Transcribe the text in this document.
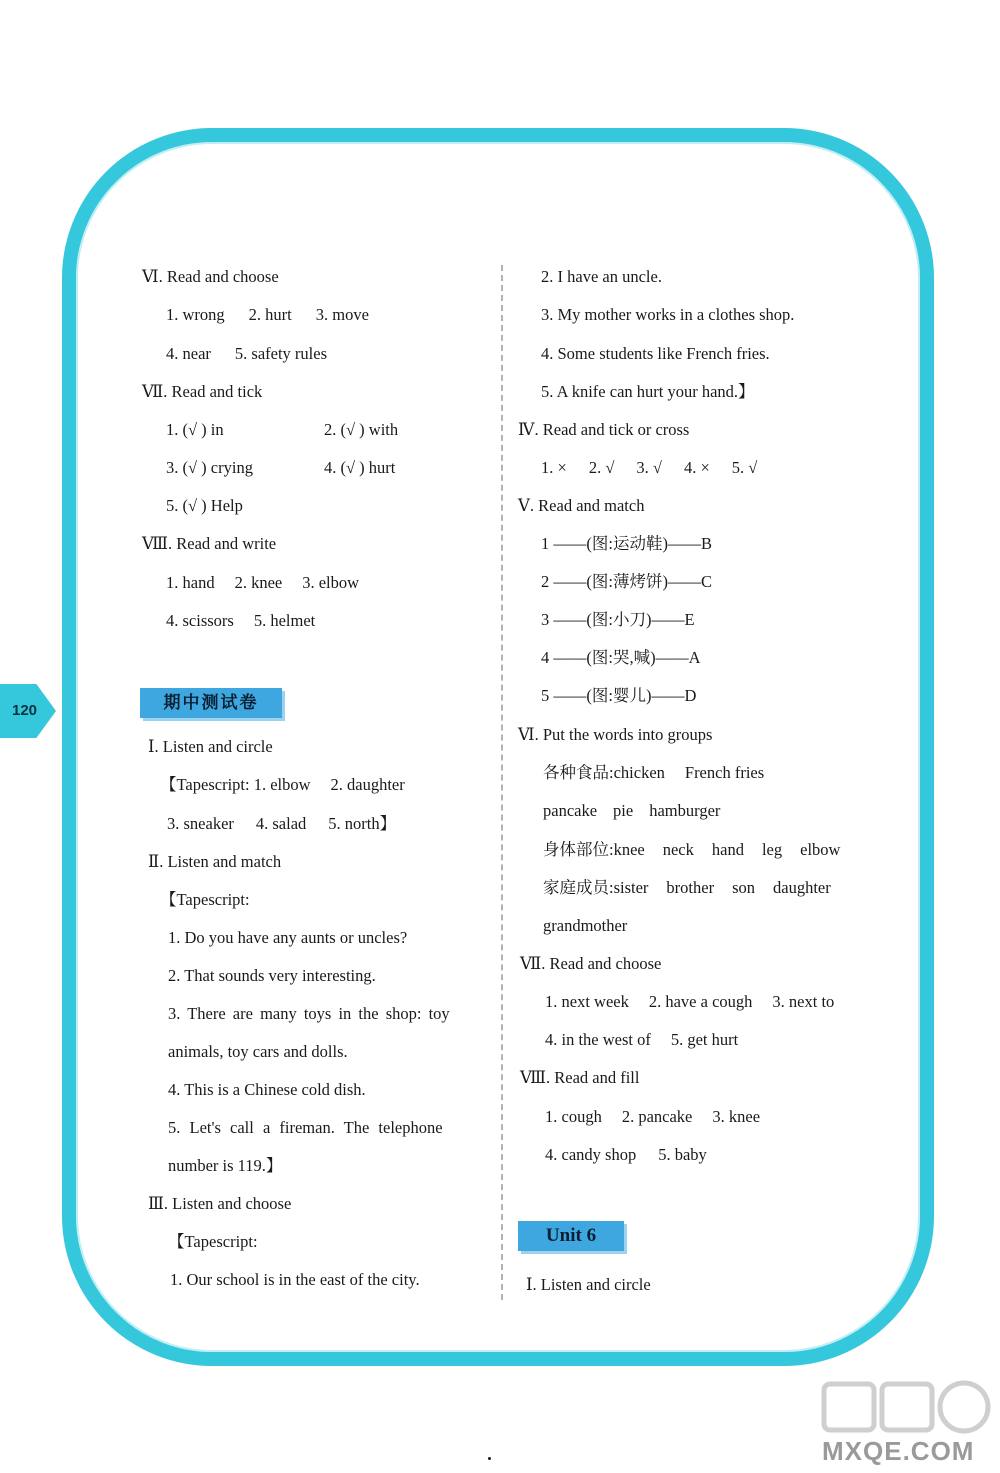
120
Ⅵ. Read and choose
1. wrong 2. hurt 3. move
4. near 5. safety rules
Ⅶ. Read and tick
1. (√ ) in	2. (√ ) with
3. (√ ) crying	4. (√ ) hurt
5. (√ ) Help
Ⅷ. Read and write
1. hand 2. knee 3. elbow
4. scissors 5. helmet
期中测试卷
Ⅰ. Listen and circle
【Tapescript: 1. elbow 2. daughter
3. sneaker 4. salad 5. north】
Ⅱ. Listen and match
【Tapescript:
1. Do you have any aunts or uncles?
2. That sounds very interesting.
3. There are many toys in the shop: toy
animals, toy cars and dolls.
4. This is a Chinese cold dish.
5. Let's call a fireman. The telephone
number is 119.】
Ⅲ. Listen and choose
【Tapescript:
1. Our school is in the east of the city.
2. I have an uncle.
3. My mother works in a clothes shop.
4. Some students like French fries.
5. A knife can hurt your hand.】
Ⅳ. Read and tick or cross
1. × 2. √ 3. √ 4. × 5. √
Ⅴ. Read and match
1 ——(图:运动鞋)——B
2 ——(图:薄烤饼)——C
3 ——(图:小刀)——E
4 ——(图:哭,喊)——A
5 ——(图:婴儿)——D
Ⅵ. Put the words into groups
各种食品:chicken French fries
pancake pie hamburger
身体部位:knee neck hand leg elbow
家庭成员:sister brother son daughter
grandmother
Ⅶ. Read and choose
1. next week 2. have a cough 3. next to
4. in the west of 5. get hurt
Ⅷ. Read and fill
1. cough 2. pancake 3. knee
4. candy shop 5. baby
Unit 6
Ⅰ. Listen and circle
MXQE.COM
